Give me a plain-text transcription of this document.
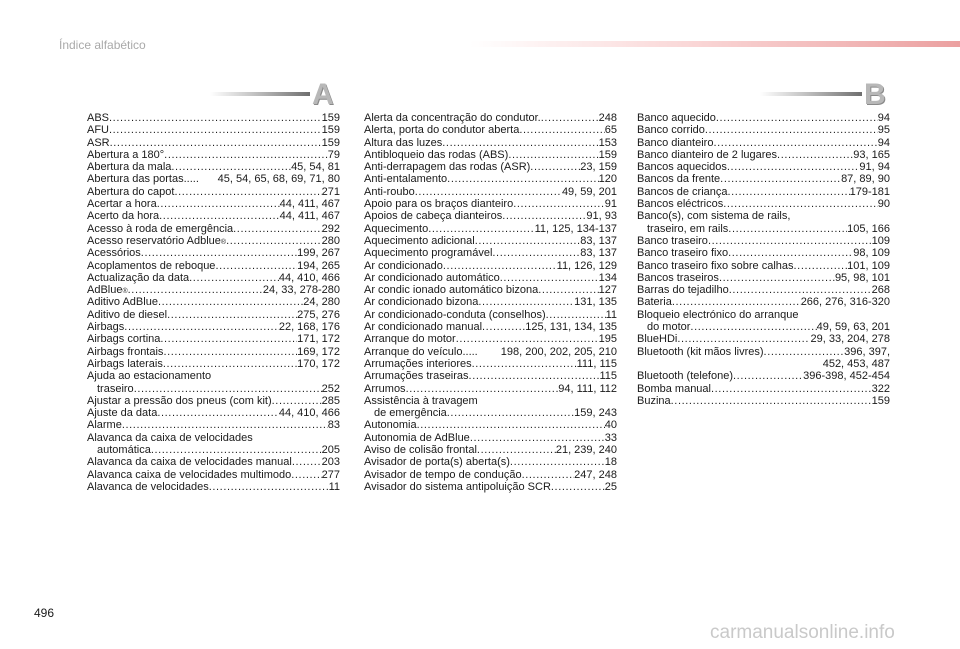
Índice alfabético
A	B
ABS .....	159
AFU .....	159
ASR .....	159
Abertura a 180° .....	79
Abertura da mala .....	45, 54, 81
Abertura das portas..... 45, 54, 65, 68, 69, 71, 80
Abertura do capot .....	271
Acertar a hora .....	44, 411, 467
Acerto da hora .....	44, 411, 467
Acesso à roda de emergência .....	292
Acesso reservatório Adblue ® .....	280
Acessórios .....	199, 267
Acoplamentos de reboque .....	194, 265
Actualização da data .....	44, 410, 466
AdBlue ® .....	24, 33, 278-280
Aditivo AdBlue .....	24, 280
Aditivo de diesel .....	275, 276
Airbags .....	22, 168, 176
Airbags cortina .....	171, 172
Airbags frontais .....	169, 172
Airbags laterais .....	170, 172
Ajuda ao estacionamento
traseiro .....	252
Ajustar a pressão dos pneus (com kit) .....	285
Ajuste da data .....	44, 410, 466
Alarme .....	83
Alavanca da caixa de velocidades
automática .....	205
Alavanca da caixa de velocidades manual .....	203
Alavanca caixa de velocidades multimodo .....	277
Alavanca de velocidades .....	11
Alerta da concentração do condutor. .....	248
Alerta, porta do condutor aberta .....	65
Altura das luzes .....	153
Antibloqueio das rodas (ABS) .....	159
Anti-derrapagem das rodas (ASR) .....	23, 159
Anti-entalamento .....	120
Anti-roubo .....	49, 59, 201
Apoio para os braços dianteiro .....	91
Apoios de cabeça dianteiros .....	91, 93
Aquecimento .....	11, 125, 134-137
Aquecimento adicional .....	83, 137
Aquecimento programável .....	83, 137
Ar condicionado .....	11, 126, 129
Ar condicionado automático .....	134
Ar condic ionado automático bizona .....	127
Ar condicionado bizona .....	131, 135
Ar condicionado-conduta (conselhos) .....	11
Ar condicionado manual .....	125, 131, 134, 135
Arranque do motor .....	195
Arranque do veículo..... 198, 200, 202, 205, 210
Arrumações interiores .....	111, 115
Arrumações traseiras .....	115
Arrumos .....	94, 111, 112
Assistência à travagem
de emergência .....	159, 243
Autonomia .....	40
Autonomia de AdBlue .....	33
Aviso de colisão frontal .....	21, 239, 240
Avisador de porta(s) aberta(s) .....	18
Avisador de tempo de condução .....	247, 248
Avisador do sistema antipoluição SCR .....	25
Banco aquecido .....	94
Banco corrido .....	95
Banco dianteiro .....	94
Banco dianteiro de 2 lugares .....	93, 165
Bancos aquecidos .....	91, 94
Bancos da frente .....	87, 89, 90
Bancos de criança .....	179-181
Bancos eléctricos .....	90
Banco(s), com sistema de rails,
traseiro, em rails .....	105, 166
Banco traseiro .....	109
Banco traseiro fixo .....	98, 109
Banco traseiro fixo sobre calhas .....	101, 109
Bancos traseiros .....	95, 98, 101
Barras do tejadilho .....	268
Bateria .....	266, 276, 316-320
Bloqueio electrónico do arranque
do motor .....	49, 59, 63, 201
BlueHDi .....	29, 33, 204, 278
Bluetooth (kit mãos livres) .....	396, 397,
452, 453, 487
Bluetooth (telefone) .....	396-398, 452-454
Bomba manual .....	322
Buzina .....	159
496
carmanualsonline.info
